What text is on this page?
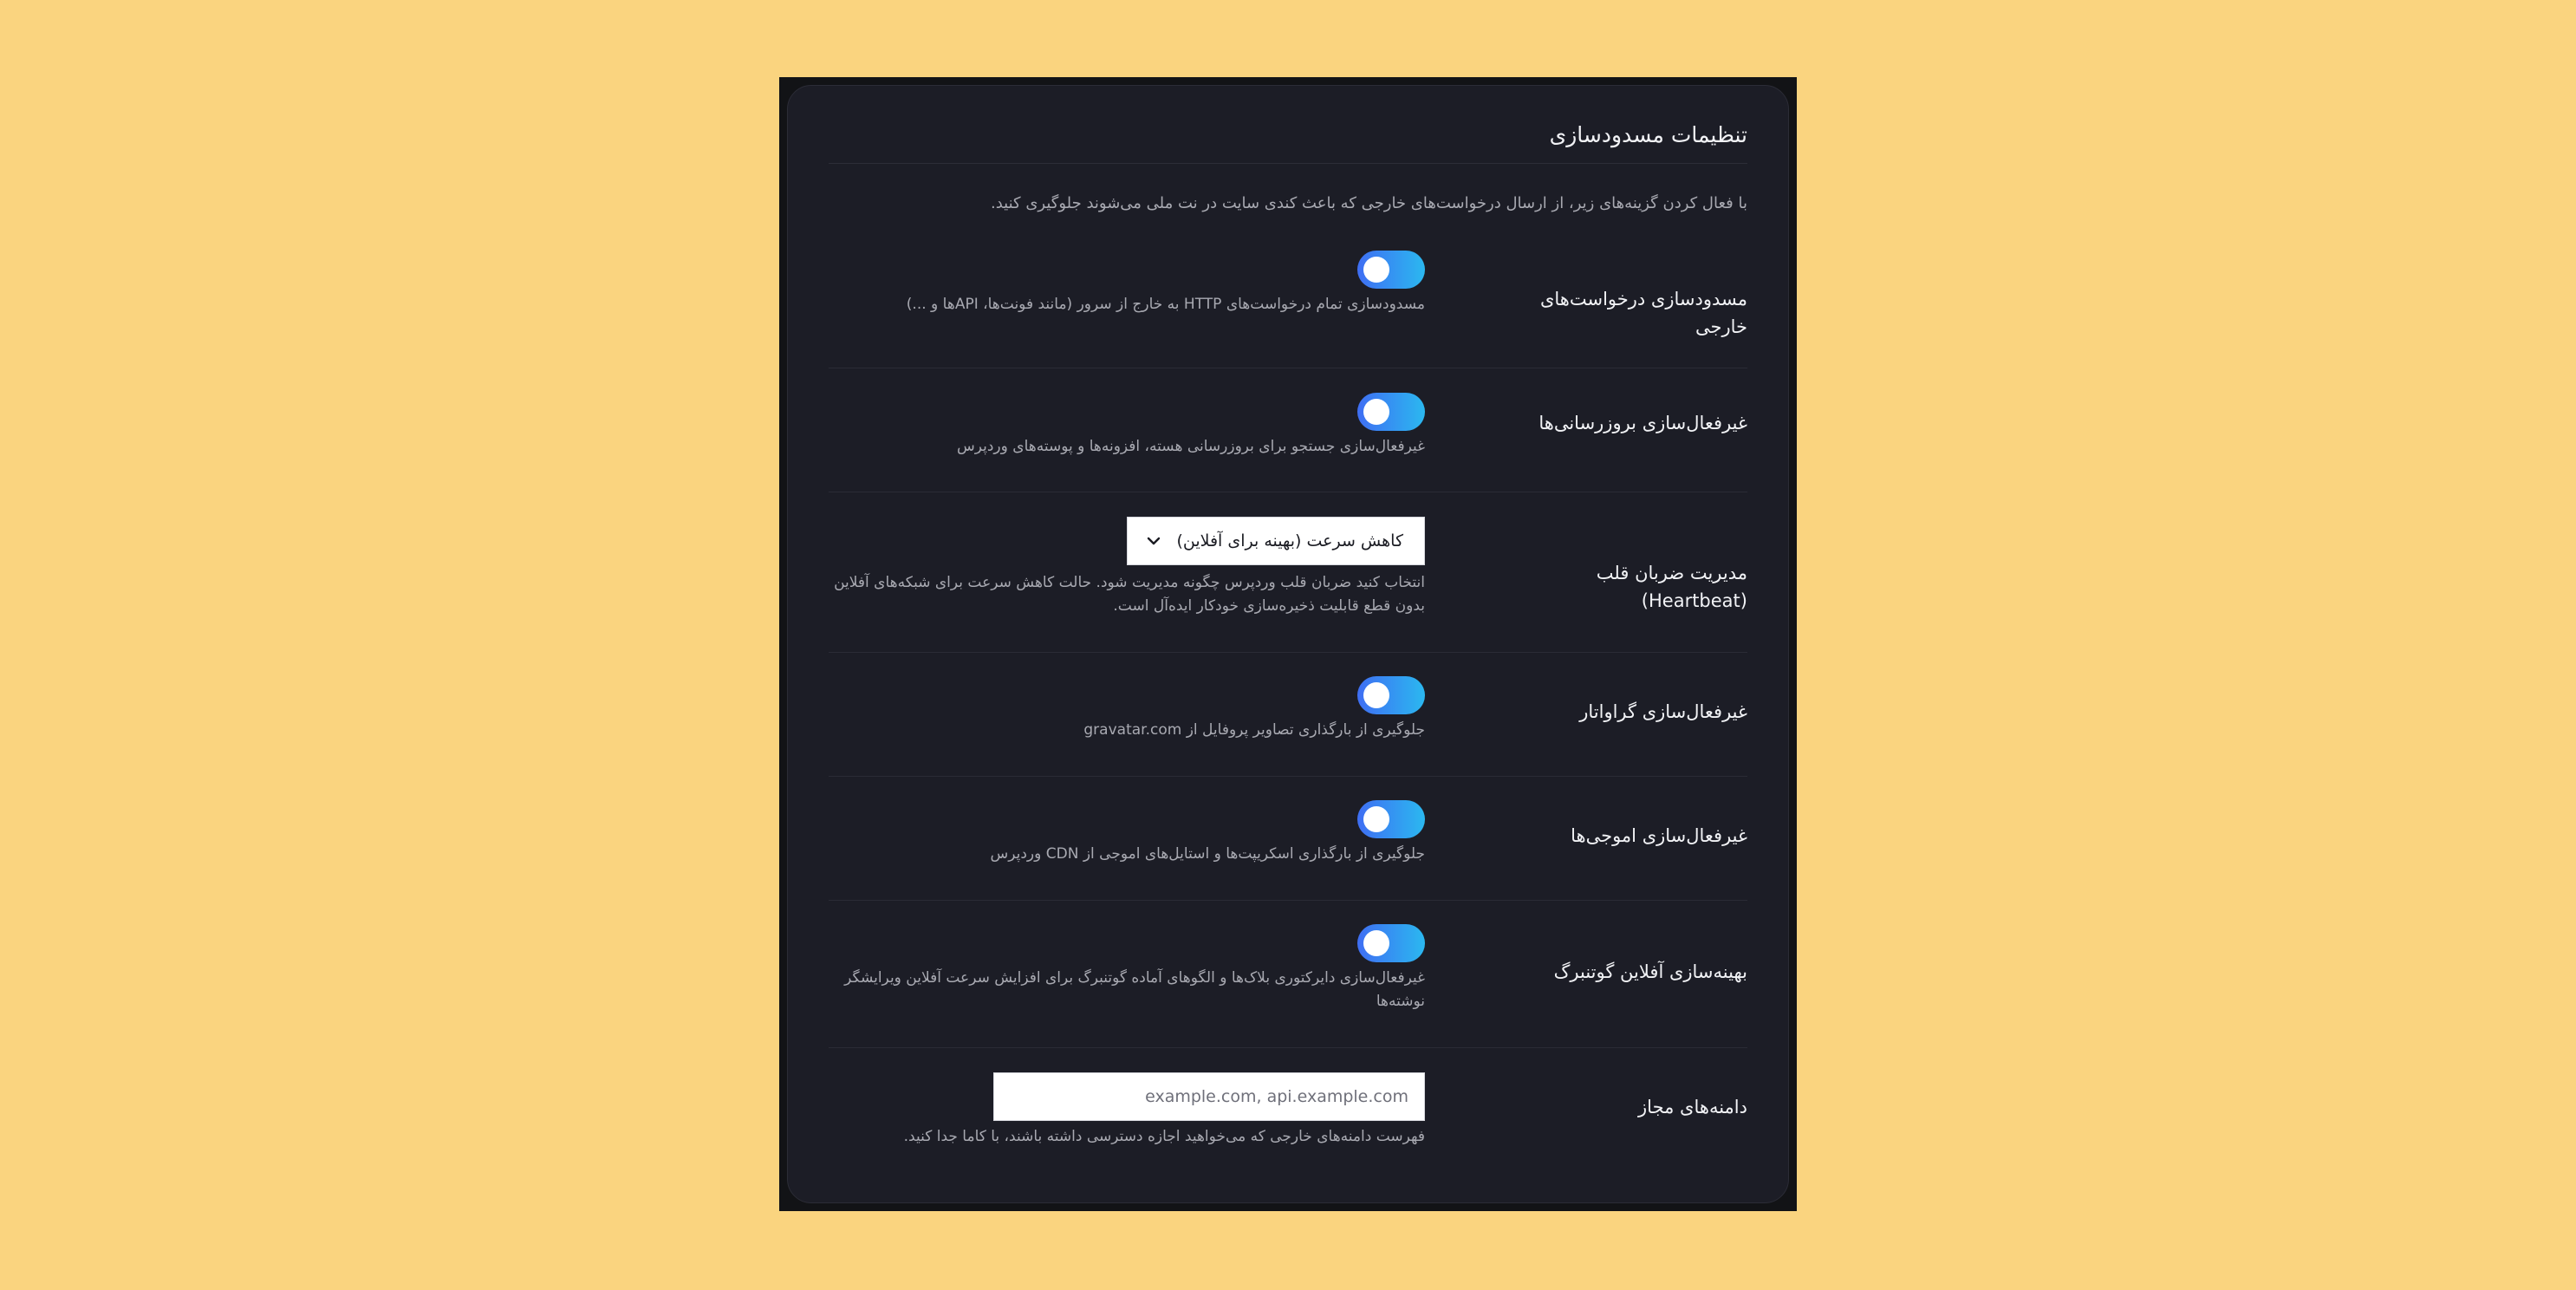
تنظیمات مسدودسازی

با فعال کردن گزینه‌های زیر، از ارسال درخواست‌های خارجی که باعث کندی سایت در نت ملی می‌شوند جلوگیری کنید.

مسدودسازی درخواست‌های خارجی

مسدودسازی تمام درخواست‌های HTTP به خارج از سرور (مانند فونت‌ها، APIها و ...)

غیرفعال‌سازی بروزرسانی‌ها

غیرفعال‌سازی جستجو برای بروزرسانی هسته، افزونه‌ها و پوسته‌های وردپرس

مدیریت ضربان قلب (Heartbeat)
کاهش سرعت (بهینه برای آفلاین)

انتخاب کنید ضربان قلب وردپرس چگونه مدیریت شود. حالت کاهش سرعت برای شبکه‌های آفلاین بدون قطع قابلیت ذخیره‌سازی خودکار ایده‌آل است.

غیرفعال‌سازی گراواتار

جلوگیری از بارگذاری تصاویر پروفایل از gravatar.com

غیرفعال‌سازی اموجی‌ها

جلوگیری از بارگذاری اسکریپت‌ها و استایل‌های اموجی از CDN وردپرس

بهینه‌سازی آفلاین گوتنبرگ

غیرفعال‌سازی دایرکتوری بلاک‌ها و الگوهای آماده گوتنبرگ برای افزایش سرعت آفلاین ویرایشگر نوشته‌ها

دامنه‌های مجاز
example.com, api.example.com

فهرست دامنه‌های خارجی که می‌خواهید اجازه دسترسی داشته باشند، با کاما جدا کنید.
